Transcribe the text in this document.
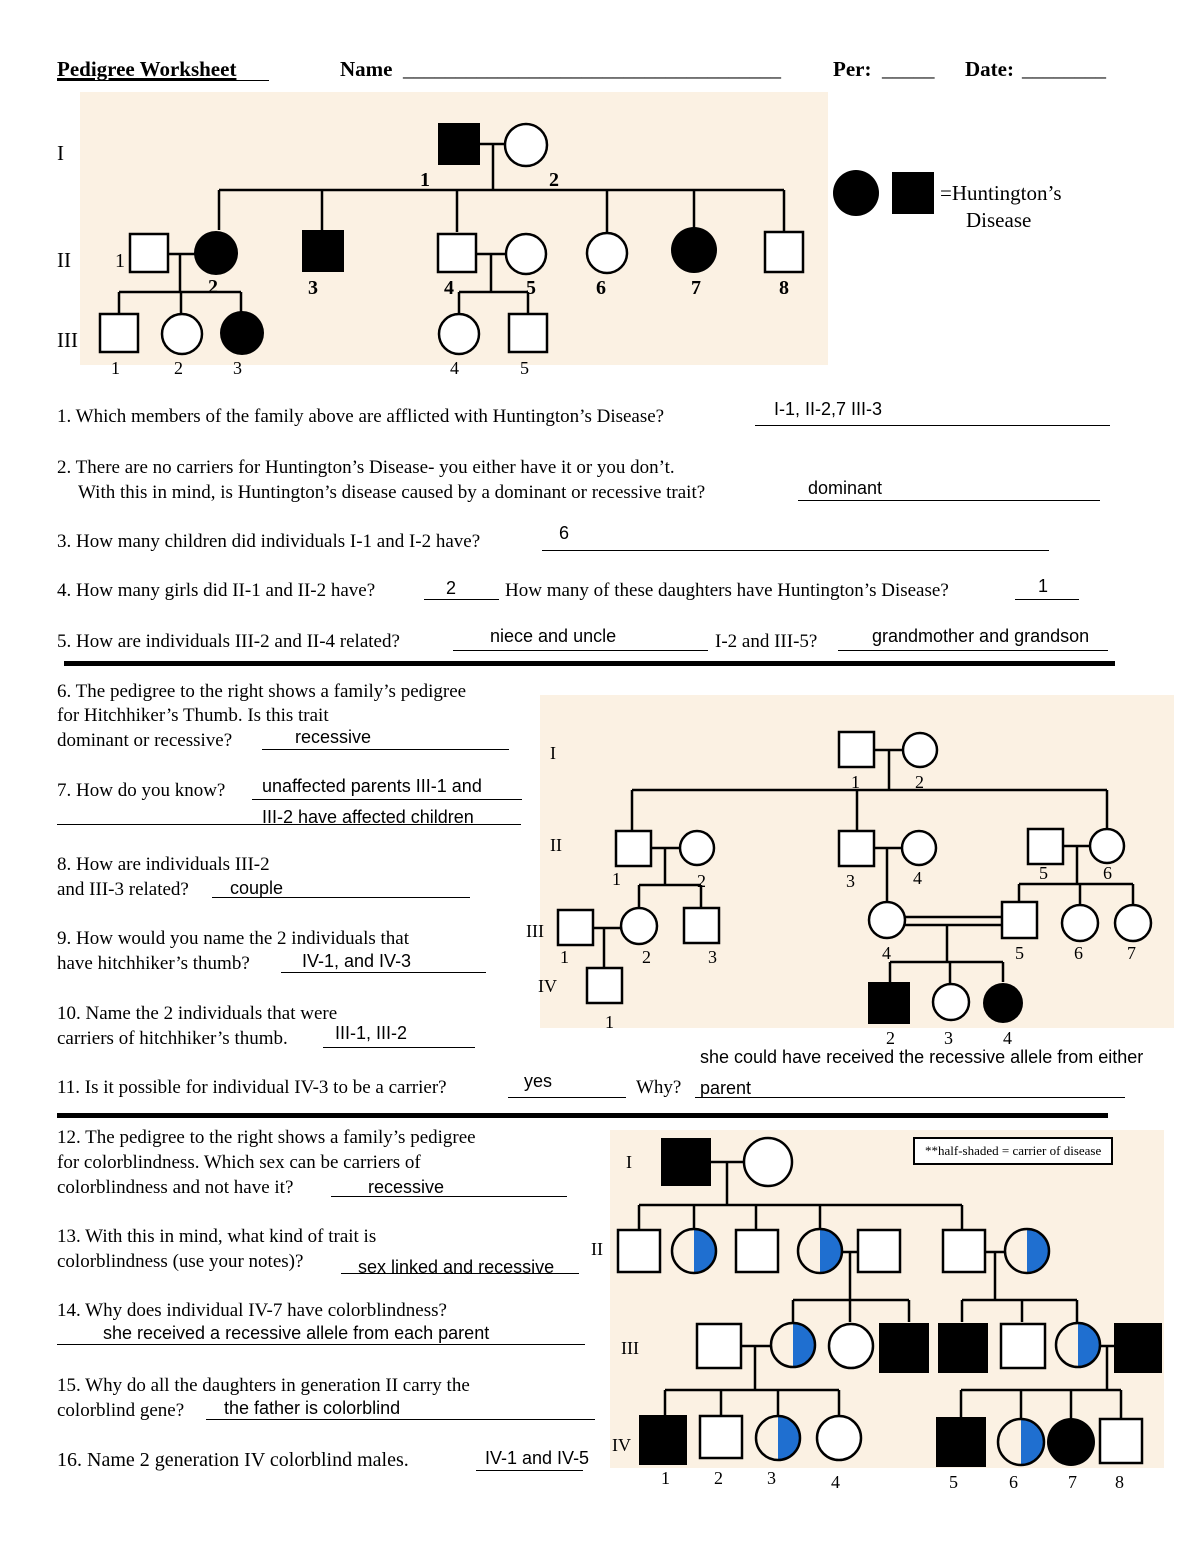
Pedigree Worksheet	Name ____________________________________ Per: _____ Date: ________
I
II
III
1	2
1
2	3	4	5	6	7	8
1	2	3	4	5
=Huntington’s
Disease
1. Which members of the family above are afflicted with Huntington’s Disease?	I-1, II-2,7 III-3
2. There are no carriers for Huntington’s Disease- you either have it or you don’t.
With this in mind, is Huntington’s disease caused by a dominant or recessive trait?	dominant
3. How many children did individuals I-1 and I-2 have?	6
4. How many girls did II-1 and II-2 have?	2	How many of these daughters have Huntington’s Disease?	1
5. How are individuals III-2 and II-4 related?	niece and uncle	I-2 and III-5?	grandmother and grandson
I
II
III
IV
1	2
1	2	3	4	5	6
1	2	3	4	5	6 7
1
2	3	4
6. The pedigree to the right shows a family’s pedigree
for Hitchhiker’s Thumb. Is this trait
dominant or recessive?	recessive
7. How do you know? unaffected parents III-1 and
III-2 have affected children
8. How are individuals III-2
and III-3 related? couple
9. How would you name the 2 individuals that
have hitchhiker’s thumb?	IV-1, and IV-3
10. Name the 2 individuals that were
carriers of hitchhiker’s thumb.	III-1, III-2
she could have received the recessive allele from either
11. Is it possible for individual IV-3 to be a carrier?	yes	Why? parent
**half-shaded = carrier of disease
I
II
III
IV
1 2 3	4	5	6	7 8
12. The pedigree to the right shows a family’s pedigree
for colorblindness. Which sex can be carriers of
colorblindness and not have it?	recessive
13. With this in mind, what kind of trait is
colorblindness (use your notes)?	sex linked and recessive
14. Why does individual IV-7 have colorblindness?
she received a recessive allele from each parent
15. Why do all the daughters in generation II carry the
colorblind gene? the father is colorblind
16. Name 2 generation IV colorblind males.	IV-1 and IV-5
